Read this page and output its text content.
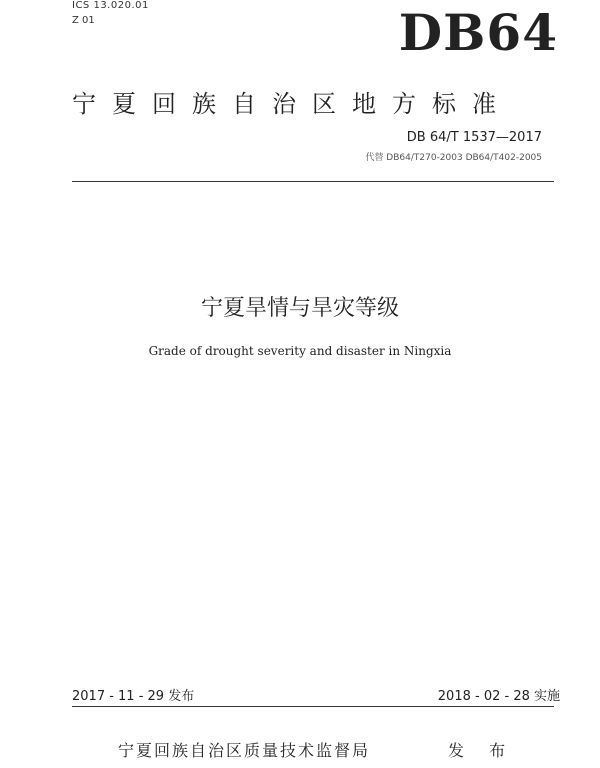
ICS 13.020.01
Z 01	DB64
宁夏回族自治区地方标准
DB 64/T 1537—2017
代替 DB64/T270-2003 DB64/T402-2005
宁夏旱情与旱灾等级
Grade of drought severity and disaster in Ningxia
2017 - 11 - 29 发布	2018 - 02 - 28 实施
宁夏回族自治区质量技术监督局	发 布
